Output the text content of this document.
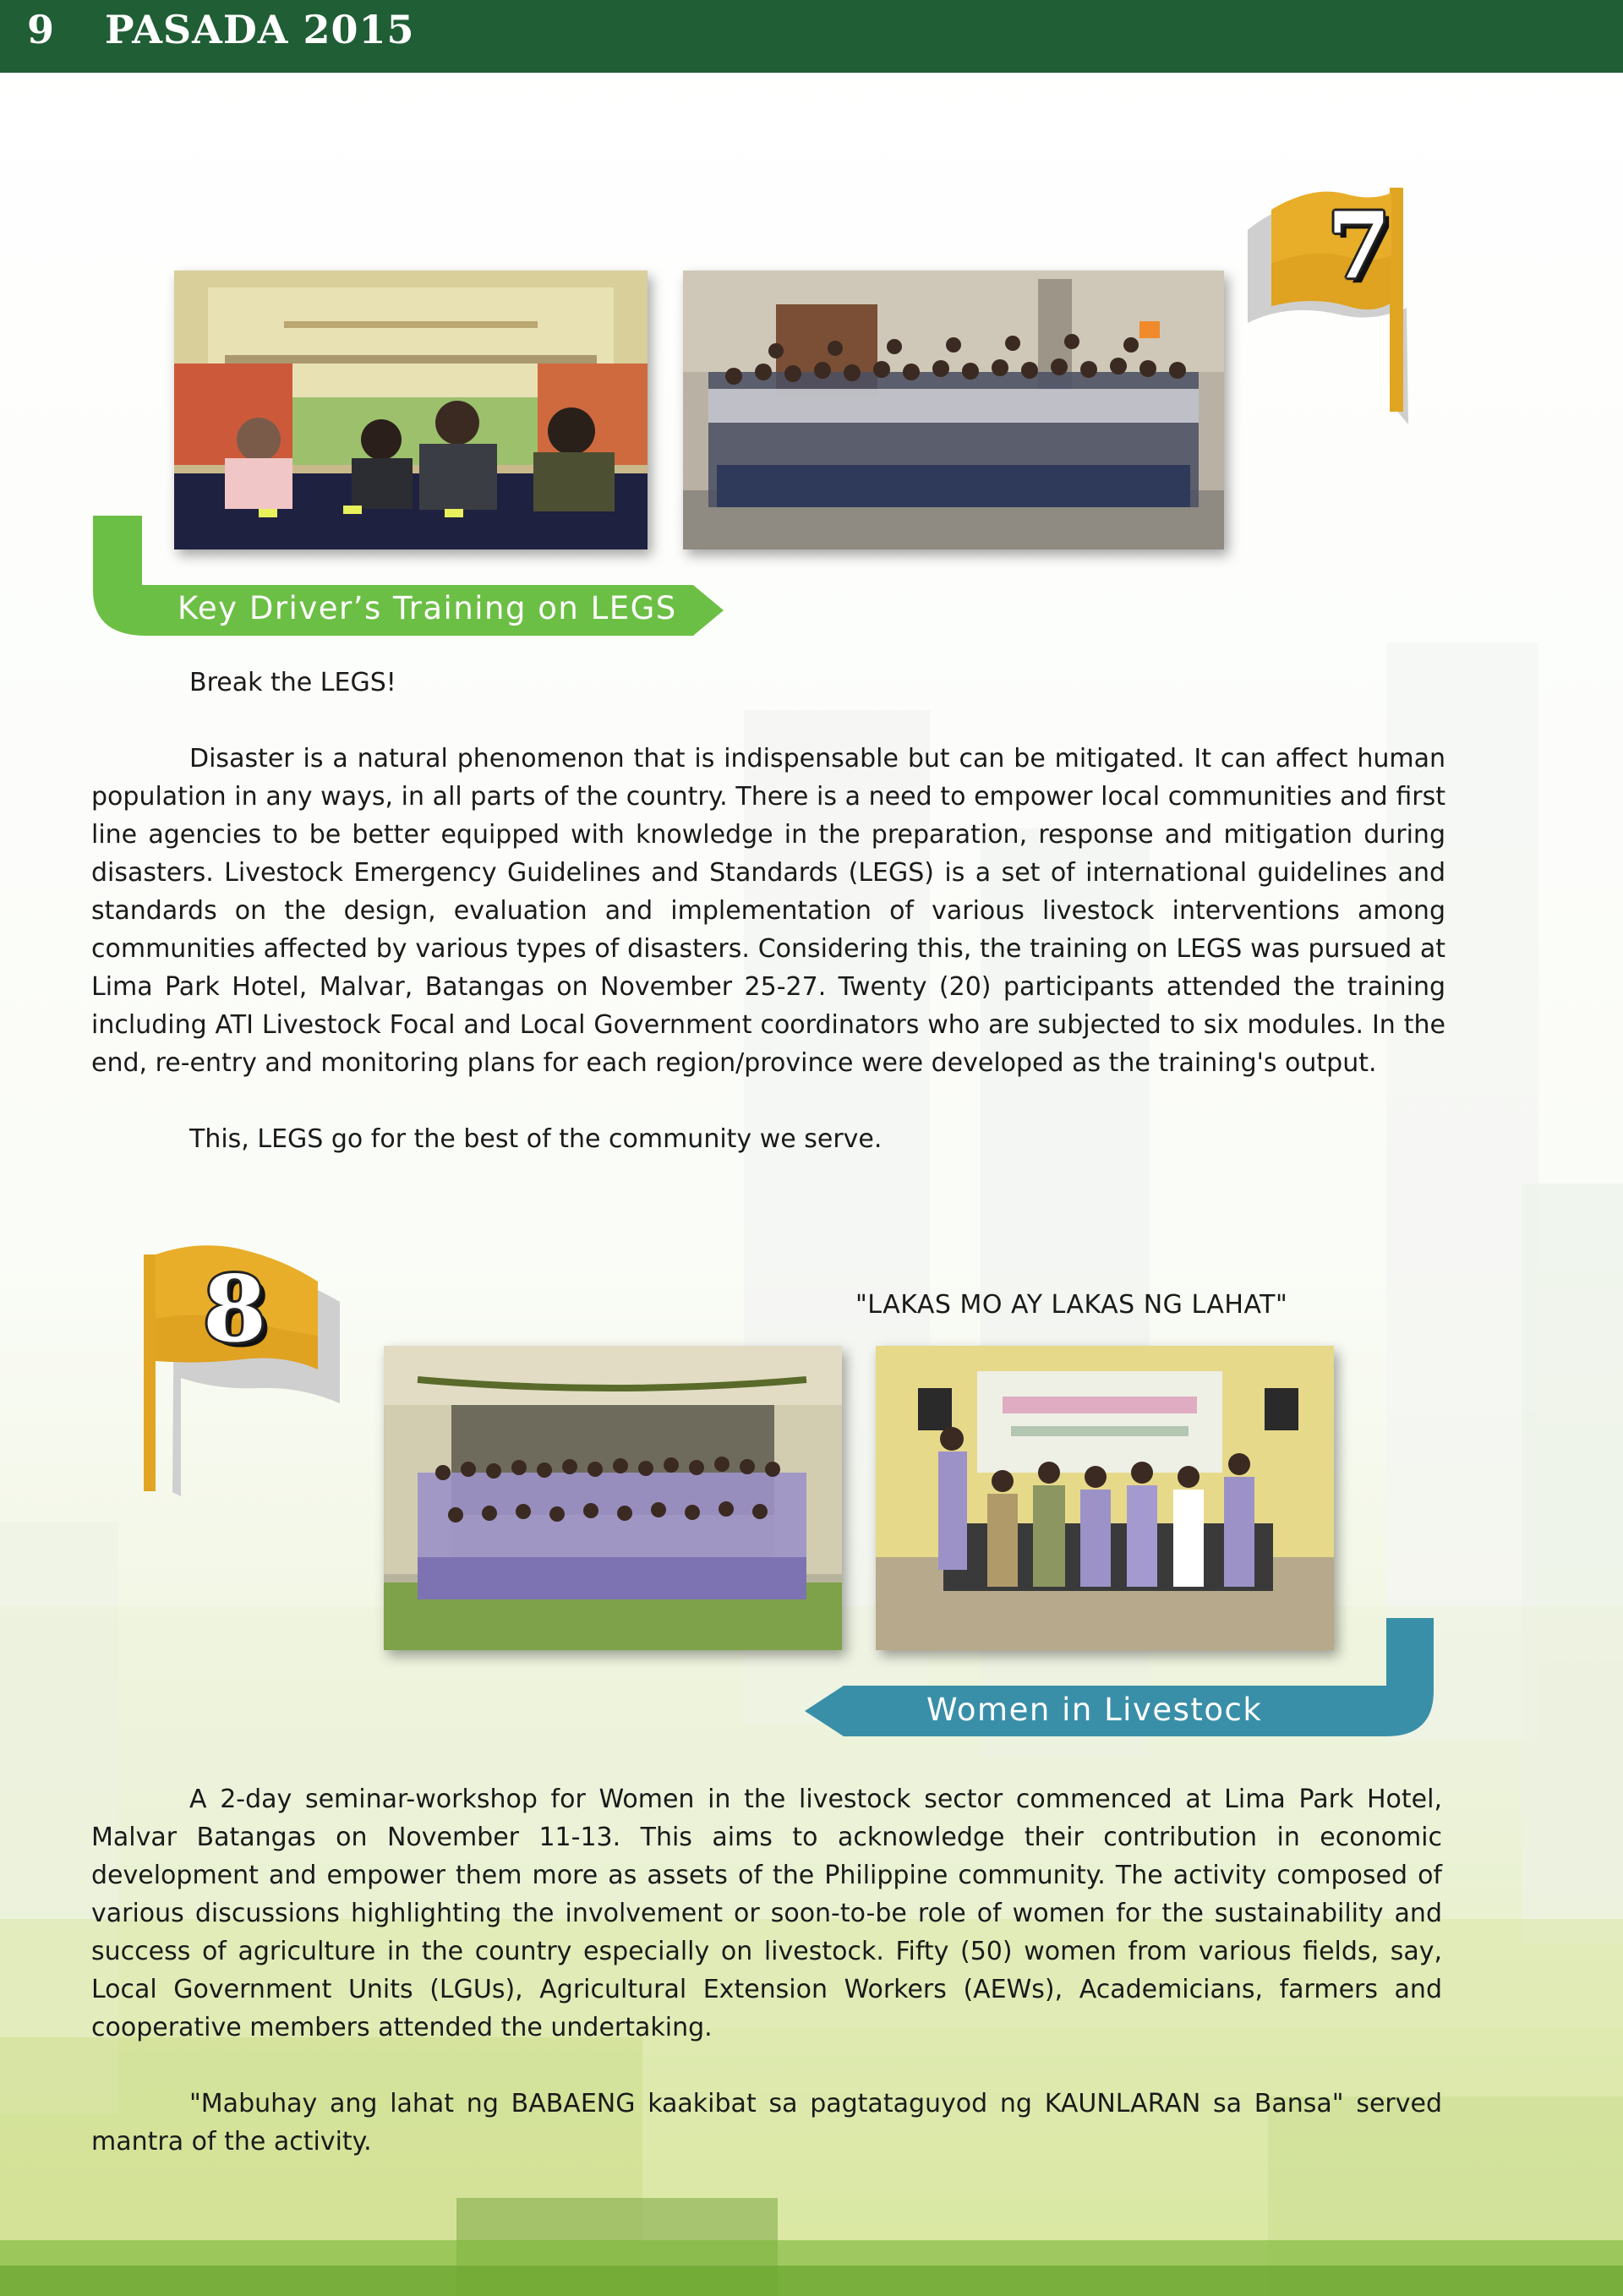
9 PASADA 2015
7
Key Driver’s Training on LEGS

Break the LEGS!

Disaster is a natural phenomenon that is indispensable but can be mitigated. It can affect human population in any ways, in all parts of the country. There is a need to empower local communities and first line agencies to be better equipped with knowledge in the preparation, response and mitigation during disasters. Livestock Emergency Guidelines and Standards (LEGS) is a set of international guidelines and standards on the design, evaluation and implementation of various livestock interventions among communities affected by various types of disasters. Considering this, the training on LEGS was pursued at Lima Park Hotel, Malvar, Batangas on November 25-27. Twenty (20) participants attended the training including ATI Livestock Focal and Local Government coordinators who are subjected to six modules. In the end, re-entry and monitoring plans for each region/province were developed as the training's output.

This, LEGS go for the best of the community we serve.

8	"LAKAS MO AY LAKAS NG LAHAT"
Women in Livestock

A 2-day seminar-workshop for Women in the livestock sector commenced at Lima Park Hotel, Malvar Batangas on November 11-13. This aims to acknowledge their contribution in economic development and empower them more as assets of the Philippine community. The activity composed of various discussions highlighting the involvement or soon-to-be role of women for the sustainability and success of agriculture in the country especially on livestock. Fifty (50) women from various fields, say, Local Government Units (LGUs), Agricultural Extension Workers (AEWs), Academicians, farmers and cooperative members attended the undertaking.

"Mabuhay ang lahat ng BABAENG kaakibat sa pagtataguyod ng KAUNLARAN sa Bansa" served mantra of the activity.
